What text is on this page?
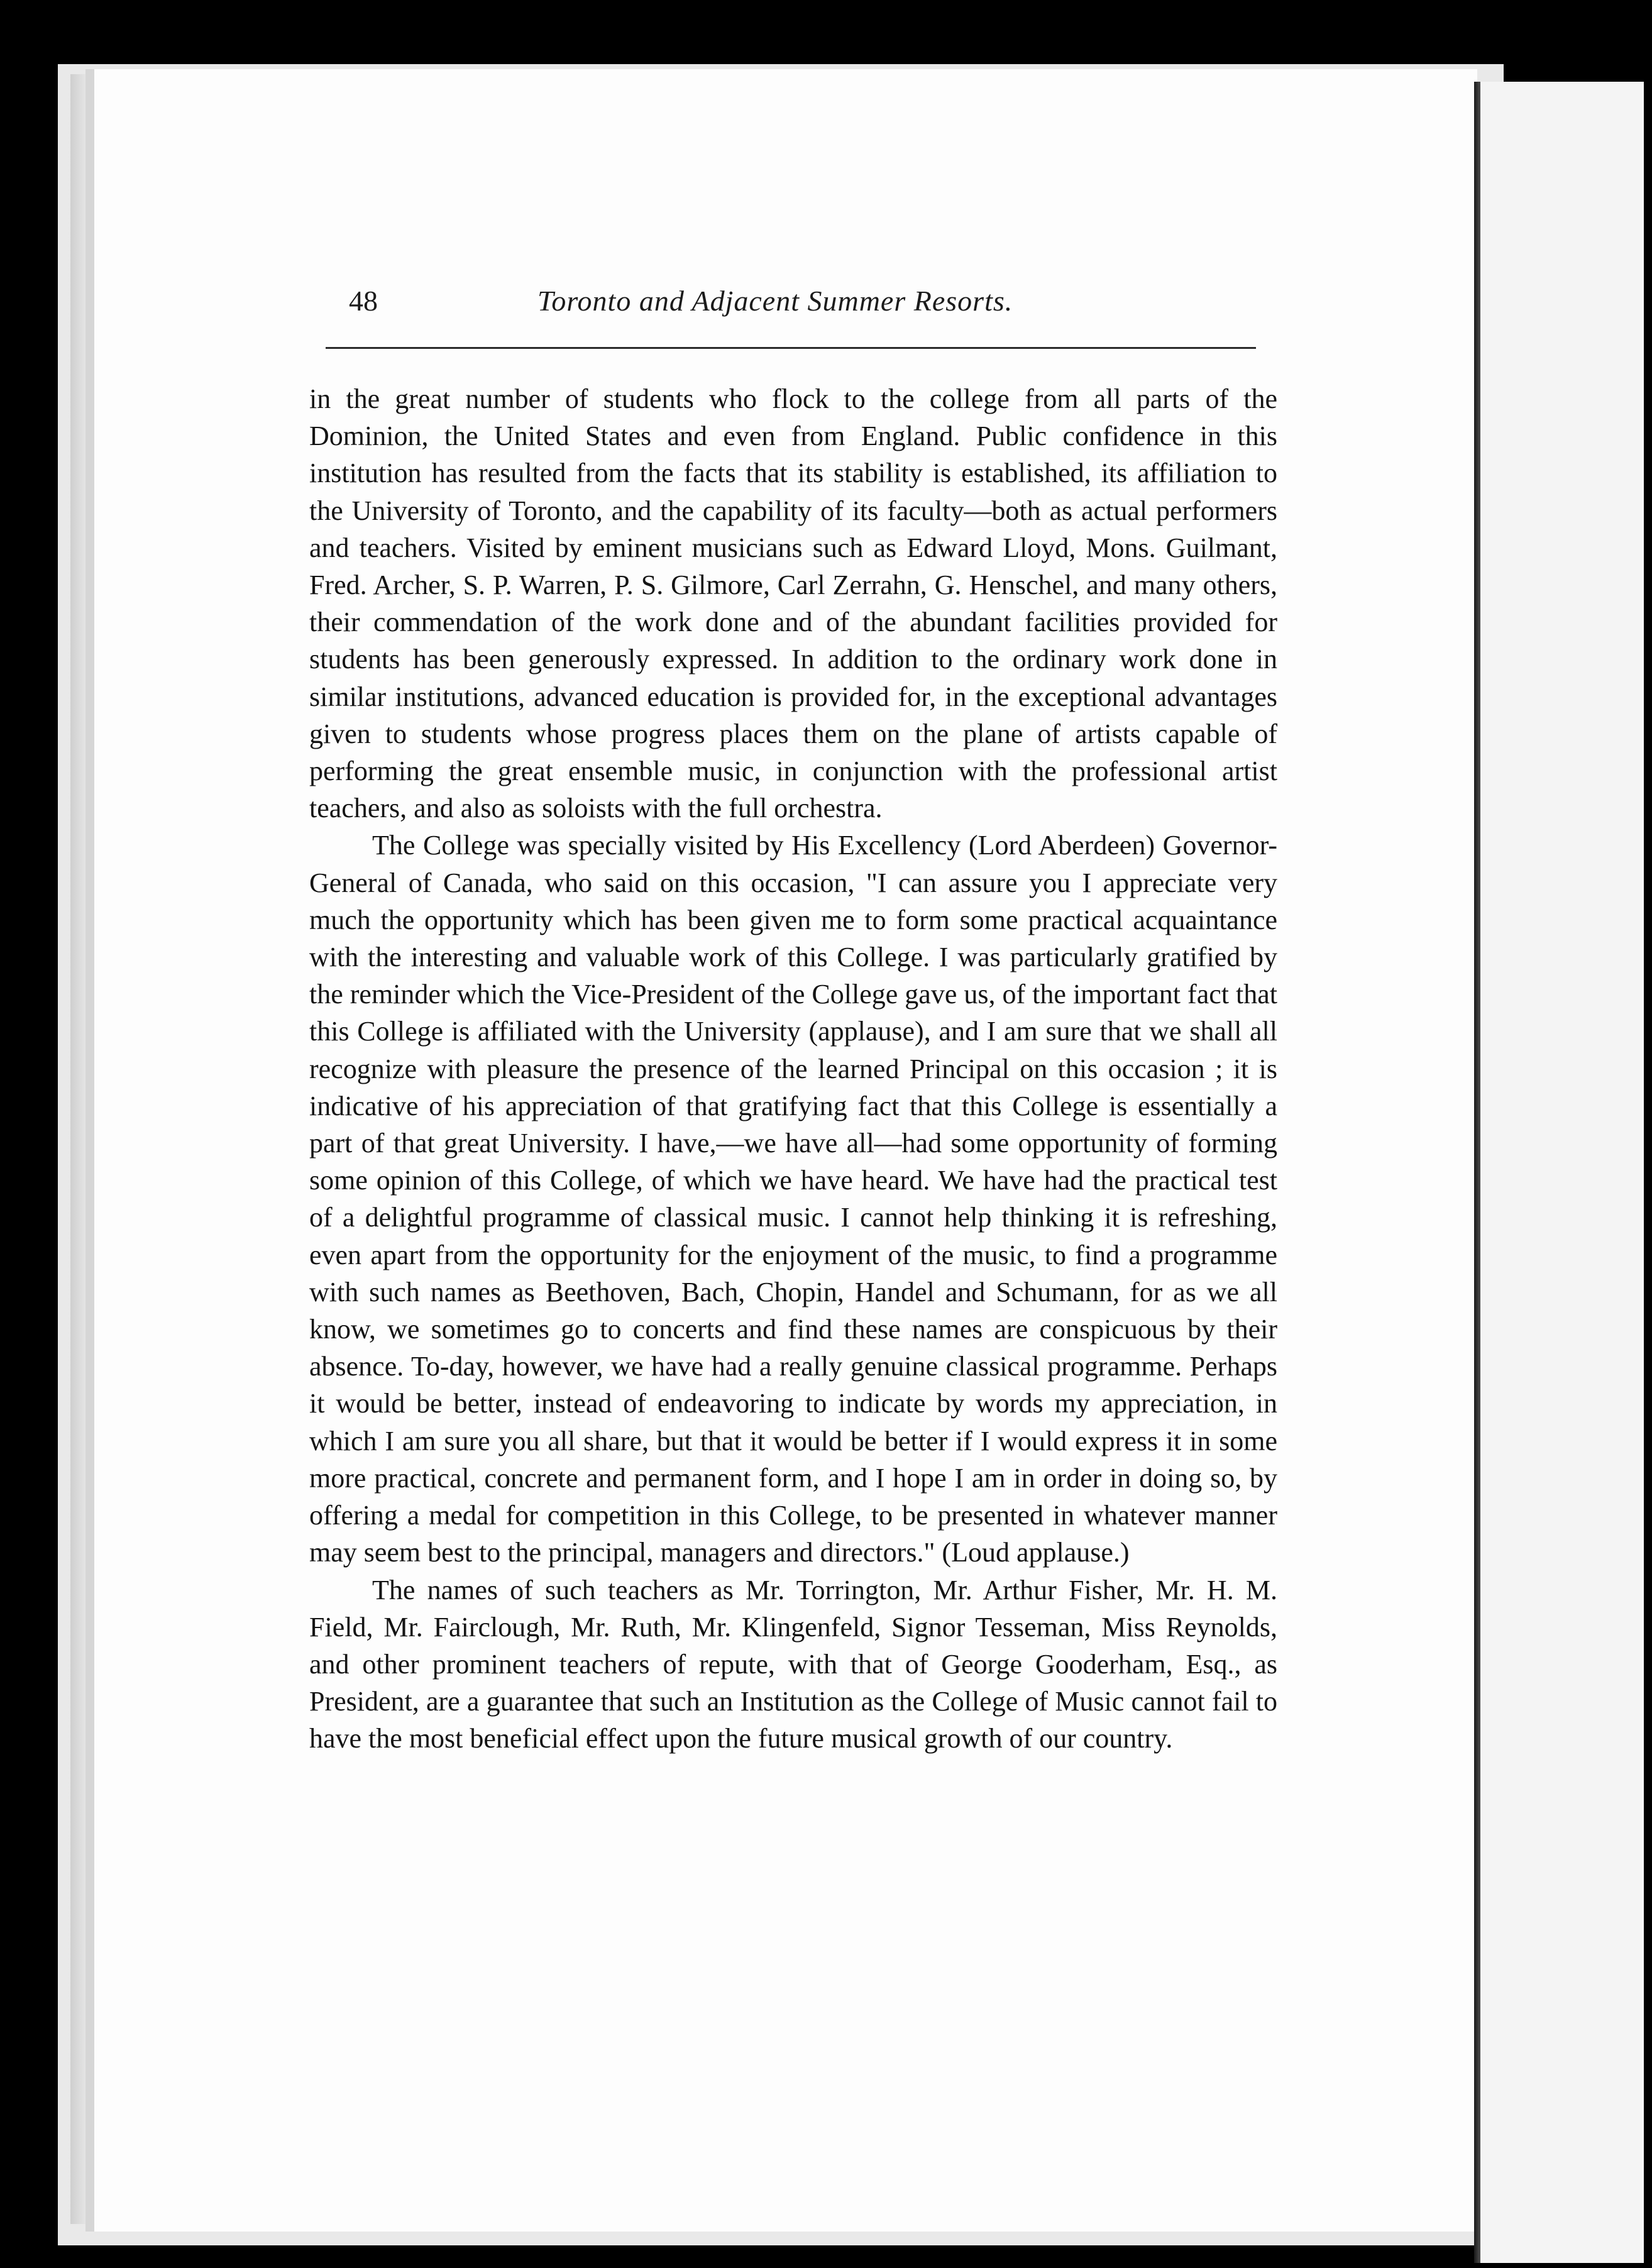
48	Toronto and Adjacent Summer Resorts.

in the great number of students who flock to the college from all parts of the Dominion, the United States and even from England. Public confidence in this institution has resulted from the facts that its stability is established, its affiliation to the University of Toronto, and the capability of its faculty—both as actual performers and teachers. Visited by eminent musicians such as Edward Lloyd, Mons. Guilmant, Fred. Archer, S. P. Warren, P. S. Gilmore, Carl Zerrahn, G. Henschel, and many others, their commendation of the work done and of the abundant facilities provided for students has been generously expressed. In addition to the ordinary work done in similar institutions, advanced education is provided for, in the exceptional advantages given to students whose progress places them on the plane of artists capable of performing the great ensemble music, in conjunction with the professional artist teachers, and also as soloists with the full orchestra.

The College was specially visited by His Excellency (Lord Aberdeen) Governor-General of Canada, who said on this occasion, "I can assure you I appreciate very much the opportunity which has been given me to form some practical acquaintance with the interesting and valuable work of this College. I was particularly gratified by the reminder which the Vice-President of the College gave us, of the important fact that this College is affiliated with the University (applause), and I am sure that we shall all recognize with pleasure the presence of the learned Principal on this occasion ; it is indicative of his appreciation of that gratifying fact that this College is essentially a part of that great University. I have,—we have all—had some opportunity of forming some opinion of this College, of which we have heard. We have had the practical test of a delightful programme of classical music. I cannot help thinking it is refreshing, even apart from the opportunity for the enjoyment of the music, to find a programme with such names as Beethoven, Bach, Chopin, Handel and Schumann, for as we all know, we sometimes go to concerts and find these names are conspicuous by their absence. To-day, however, we have had a really genuine classical programme. Perhaps it would be better, instead of endeavoring to indicate by words my appreciation, in which I am sure you all share, but that it would be better if I would express it in some more practical, concrete and permanent form, and I hope I am in order in doing so, by offering a medal for competition in this College, to be presented in whatever manner may seem best to the principal, managers and directors." (Loud applause.)

The names of such teachers as Mr. Torrington, Mr. Arthur Fisher, Mr. H. M. Field, Mr. Fairclough, Mr. Ruth, Mr. Klingenfeld, Signor Tesseman, Miss Reynolds, and other prominent teachers of repute, with that of George Gooderham, Esq., as President, are a guarantee that such an Institution as the College of Music cannot fail to have the most beneficial effect upon the future musical growth of our country.
